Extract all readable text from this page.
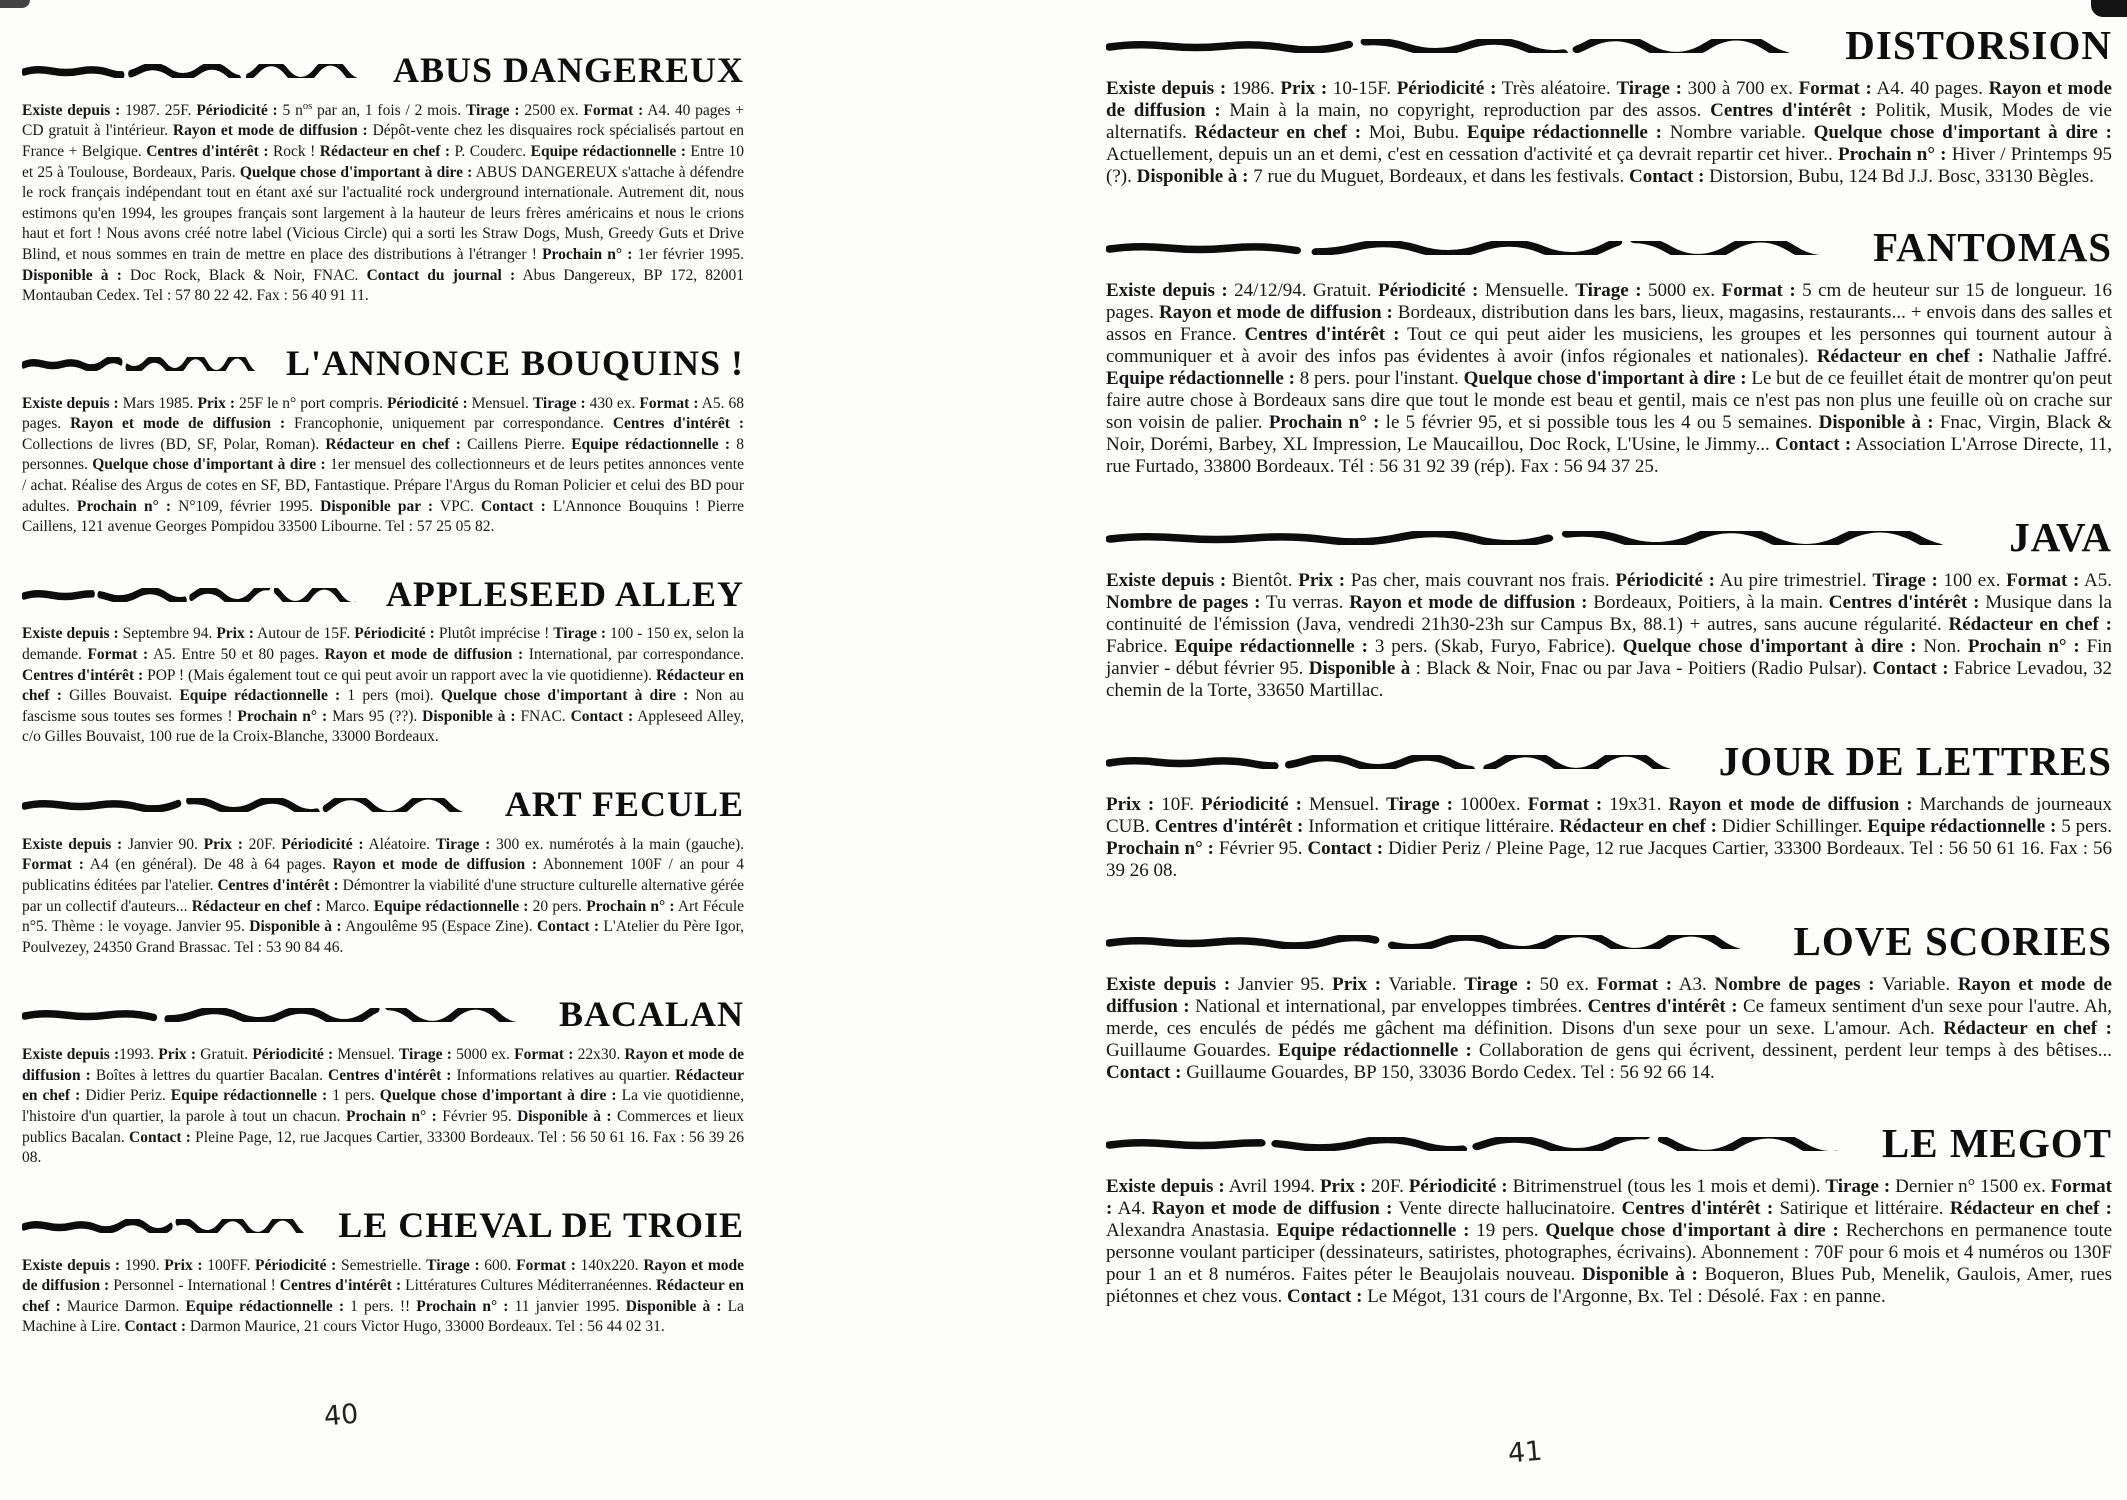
ABUS DANGEREUX

Existe depuis : 1987. 25F. Périodicité : 5 $n^{os}$ par an, 1 fois / 2 mois. Tirage : 2500 ex. Format : A4. 40 pages + CD gratuit à l'intérieur. Rayon et mode de diffusion : Dépôt-vente chez les disquaires rock spécialisés partout en France + Belgique. Centres d'intérêt : Rock ! Rédacteur en chef : P. Couderc. Equipe rédactionnelle : Entre 10 et 25 à Toulouse, Bordeaux, Paris. Quelque chose d'important à dire : ABUS DANGEREUX s'attache à défendre le rock français indépendant tout en étant axé sur l'actualité rock underground internationale. Autrement dit, nous estimons qu'en 1994, les groupes français sont largement à la hauteur de leurs frères américains et nous le crions haut et fort ! Nous avons créé notre label (Vicious Circle) qui a sorti les Straw Dogs, Mush, Greedy Guts et Drive Blind, et nous sommes en train de mettre en place des distributions à l'étranger ! Prochain n° : 1er février 1995. Disponible à : Doc Rock, Black & Noir, FNAC. Contact du journal : Abus Dangereux, BP 172, 82001 Montauban Cedex. Tel : 57 80 22 42. Fax : 56 40 91 11.

L'ANNONCE BOUQUINS !

Existe depuis : Mars 1985. Prix : 25F le n° port compris. Périodicité : Mensuel. Tirage : 430 ex. Format : A5. 68 pages. Rayon et mode de diffusion : Francophonie, uniquement par correspondance. Centres d'intérêt : Collections de livres (BD, SF, Polar, Roman). Rédacteur en chef : Caillens Pierre. Equipe rédactionnelle : 8 personnes. Quelque chose d'important à dire : 1er mensuel des collectionneurs et de leurs petites annonces vente / achat. Réalise des Argus de cotes en SF, BD, Fantastique. Prépare l'Argus du Roman Policier et celui des BD pour adultes. Prochain n° : N°109, février 1995. Disponible par : VPC. Contact : L'Annonce Bouquins ! Pierre Caillens, 121 avenue Georges Pompidou 33500 Libourne. Tel : 57 25 05 82.

APPLESEED ALLEY

Existe depuis : Septembre 94. Prix : Autour de 15F. Périodicité : Plutôt imprécise ! Tirage : 100 - 150 ex, selon la demande. Format : A5. Entre 50 et 80 pages. Rayon et mode de diffusion : International, par correspondance. Centres d'intérêt : POP ! (Mais également tout ce qui peut avoir un rapport avec la vie quotidienne). Rédacteur en chef : Gilles Bouvaist. Equipe rédactionnelle : 1 pers (moi). Quelque chose d'important à dire : Non au fascisme sous toutes ses formes ! Prochain n° : Mars 95 (??). Disponible à : FNAC. Contact : Appleseed Alley, c/o Gilles Bouvaist, 100 rue de la Croix-Blanche, 33000 Bordeaux.

ART FECULE

Existe depuis : Janvier 90. Prix : 20F. Périodicité : Aléatoire. Tirage : 300 ex. numérotés à la main (gauche). Format : A4 (en général). De 48 à 64 pages. Rayon et mode de diffusion : Abonnement 100F / an pour 4 publicatins éditées par l'atelier. Centres d'intérêt : Démontrer la viabilité d'une structure culturelle alternative gérée par un collectif d'auteurs... Rédacteur en chef : Marco. Equipe rédactionnelle : 20 pers. Prochain n° : Art Fécule n°5. Thème : le voyage. Janvier 95. Disponible à : Angoulême 95 (Espace Zine). Contact : L'Atelier du Père Igor, Poulvezey, 24350 Grand Brassac. Tel : 53 90 84 46.

BACALAN

Existe depuis :1993. Prix : Gratuit. Périodicité : Mensuel. Tirage : 5000 ex. Format : 22x30. Rayon et mode de diffusion : Boîtes à lettres du quartier Bacalan. Centres d'intérêt : Informations relatives au quartier. Rédacteur en chef : Didier Periz. Equipe rédactionnelle : 1 pers. Quelque chose d'important à dire : La vie quotidienne, l'histoire d'un quartier, la parole à tout un chacun. Prochain n° : Février 95. Disponible à : Commerces et lieux publics Bacalan. Contact : Pleine Page, 12, rue Jacques Cartier, 33300 Bordeaux. Tel : 56 50 61 16. Fax : 56 39 26 08.

LE CHEVAL DE TROIE

Existe depuis : 1990. Prix : 100FF. Périodicité : Semestrielle. Tirage : 600. Format : 140x220. Rayon et mode de diffusion : Personnel - International ! Centres d'intérêt : Littératures Cultures Méditerranéennes. Rédacteur en chef : Maurice Darmon. Equipe rédactionnelle : 1 pers. !! Prochain n° : 11 janvier 1995. Disponible à : La Machine à Lire. Contact : Darmon Maurice, 21 cours Victor Hugo, 33000 Bordeaux. Tel : 56 44 02 31.

40
DISTORSION

Existe depuis : 1986. Prix : 10-15F. Périodicité : Très aléatoire. Tirage : 300 à 700 ex. Format : A4. 40 pages. Rayon et mode de diffusion : Main à la main, no copyright, reproduction par des assos. Centres d'intérêt : Politik, Musik, Modes de vie alternatifs. Rédacteur en chef : Moi, Bubu. Equipe rédactionnelle : Nombre variable. Quelque chose d'important à dire : Actuellement, depuis un an et demi, c'est en cessation d'activité et ça devrait repartir cet hiver.. Prochain n° : Hiver / Printemps 95 (?). Disponible à : 7 rue du Muguet, Bordeaux, et dans les festivals. Contact : Distorsion, Bubu, 124 Bd J.J. Bosc, 33130 Bègles.

FANTOMAS

Existe depuis : 24/12/94. Gratuit. Périodicité : Mensuelle. Tirage : 5000 ex. Format : 5 cm de heuteur sur 15 de longueur. 16 pages. Rayon et mode de diffusion : Bordeaux, distribution dans les bars, lieux, magasins, restaurants... + envois dans des salles et assos en France. Centres d'intérêt : Tout ce qui peut aider les musiciens, les groupes et les personnes qui tournent autour à communiquer et à avoir des infos pas évidentes à avoir (infos régionales et nationales). Rédacteur en chef : Nathalie Jaffré. Equipe rédactionnelle : 8 pers. pour l'instant. Quelque chose d'important à dire : Le but de ce feuillet était de montrer qu'on peut faire autre chose à Bordeaux sans dire que tout le monde est beau et gentil, mais ce n'est pas non plus une feuille où on crache sur son voisin de palier. Prochain n° : le 5 février 95, et si possible tous les 4 ou 5 semaines. Disponible à : Fnac, Virgin, Black & Noir, Dorémi, Barbey, XL Impression, Le Maucaillou, Doc Rock, L'Usine, le Jimmy... Contact : Association L'Arrose Directe, 11, rue Furtado, 33800 Bordeaux. Tél : 56 31 92 39 (rép). Fax : 56 94 37 25.

JAVA

Existe depuis : Bientôt. Prix : Pas cher, mais couvrant nos frais. Périodicité : Au pire trimestriel. Tirage : 100 ex. Format : A5. Nombre de pages : Tu verras. Rayon et mode de diffusion : Bordeaux, Poitiers, à la main. Centres d'intérêt : Musique dans la continuité de l'émission (Java, vendredi 21h30-23h sur Campus Bx, 88.1) + autres, sans aucune régularité. Rédacteur en chef : Fabrice. Equipe rédactionnelle : 3 pers. (Skab, Furyo, Fabrice). Quelque chose d'important à dire : Non. Prochain n° : Fin janvier - début février 95. Disponible à : Black & Noir, Fnac ou par Java - Poitiers (Radio Pulsar). Contact : Fabrice Levadou, 32 chemin de la Torte, 33650 Martillac.

JOUR DE LETTRES

Prix : 10F. Périodicité : Mensuel. Tirage : 1000ex. Format : 19x31. Rayon et mode de diffusion : Marchands de journeaux CUB. Centres d'intérêt : Information et critique littéraire. Rédacteur en chef : Didier Schillinger. Equipe rédactionnelle : 5 pers. Prochain n° : Février 95. Contact : Didier Periz / Pleine Page, 12 rue Jacques Cartier, 33300 Bordeaux. Tel : 56 50 61 16. Fax : 56 39 26 08.

LOVE SCORIES

Existe depuis : Janvier 95. Prix : Variable. Tirage : 50 ex. Format : A3. Nombre de pages : Variable. Rayon et mode de diffusion : National et international, par enveloppes timbrées. Centres d'intérêt : Ce fameux sentiment d'un sexe pour l'autre. Ah, merde, ces enculés de pédés me gâchent ma définition. Disons d'un sexe pour un sexe. L'amour. Ach. Rédacteur en chef : Guillaume Gouardes. Equipe rédactionnelle : Collaboration de gens qui écrivent, dessinent, perdent leur temps à des bêtises... Contact : Guillaume Gouardes, BP 150, 33036 Bordo Cedex. Tel : 56 92 66 14.

LE MEGOT

Existe depuis : Avril 1994. Prix : 20F. Périodicité : Bitrimenstruel (tous les 1 mois et demi). Tirage : Dernier n° 1500 ex. Format : A4. Rayon et mode de diffusion : Vente directe hallucinatoire. Centres d'intérêt : Satirique et littéraire. Rédacteur en chef : Alexandra Anastasia. Equipe rédactionnelle : 19 pers. Quelque chose d'important à dire : Recherchons en permanence toute personne voulant participer (dessinateurs, satiristes, photographes, écrivains). Abonnement : 70F pour 6 mois et 4 numéros ou 130F pour 1 an et 8 numéros. Faites péter le Beaujolais nouveau. Disponible à : Boqueron, Blues Pub, Menelik, Gaulois, Amer, rues piétonnes et chez vous. Contact : Le Mégot, 131 cours de l'Argonne, Bx. Tel : Désolé. Fax : en panne.

41
